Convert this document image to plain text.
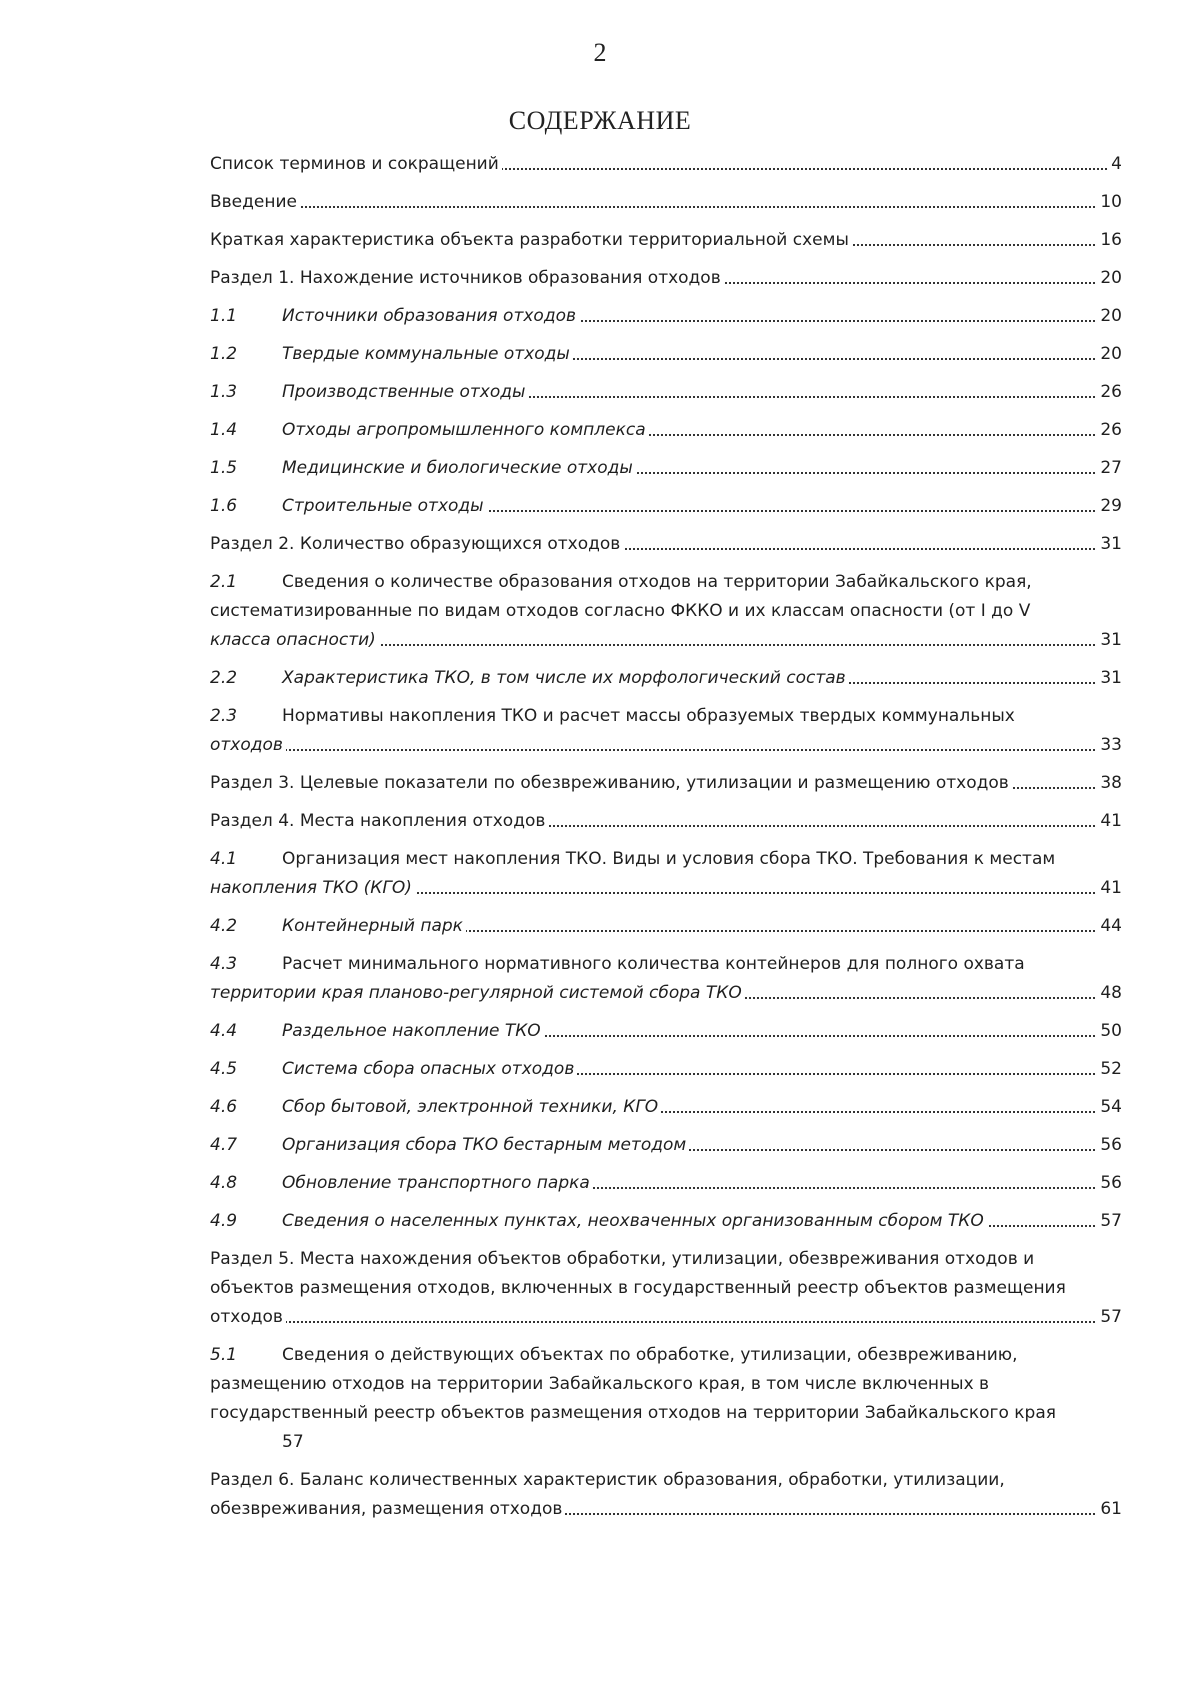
2
СОДЕРЖАНИЕ
Список терминов и сокращений	4
Введение	10
Краткая характеристика объекта разработки территориальной схемы	16
Раздел 1. Нахождение источников образования отходов	20
1.1	Источники образования отходов	20
1.2	Твердые коммунальные отходы	20
1.3	Производственные отходы	26
1.4	Отходы агропромышленного комплекса	26
1.5	Медицинские и биологические отходы	27
1.6	Строительные отходы	29
Раздел 2. Количество образующихся отходов	31
2.1	Сведения о количестве образования отходов на территории Забайкальского края,
систематизированные по видам отходов согласно ФККО и их классам опасности (от I до V
класса опасности)	31
2.2	Характеристика ТКО, в том числе их морфологический состав	31
2.3	Нормативы накопления ТКО и расчет массы образуемых твердых коммунальных
отходов	33
Раздел 3. Целевые показатели по обезвреживанию, утилизации и размещению отходов	38
Раздел 4. Места накопления отходов	41
4.1	Организация мест накопления ТКО. Виды и условия сбора ТКО. Требования к местам
накопления ТКО (КГО)	41
4.2	Контейнерный парк	44
4.3	Расчет минимального нормативного количества контейнеров для полного охвата
территории края планово-регулярной системой сбора ТКО	48
4.4	Раздельное накопление ТКО	50
4.5	Система сбора опасных отходов	52
4.6	Сбор бытовой, электронной техники, КГО	54
4.7	Организация сбора ТКО бестарным методом	56
4.8	Обновление транспортного парка	56
4.9	Сведения о населенных пунктах, неохваченных организованным сбором ТКО	57
Раздел 5. Места нахождения объектов обработки, утилизации, обезвреживания отходов и
объектов размещения отходов, включенных в государственный реестр объектов размещения
отходов	57
5.1	Сведения о действующих объектах по обработке, утилизации, обезвреживанию,
размещению отходов на территории Забайкальского края, в том числе включенных в
государственный реестр объектов размещения отходов на территории Забайкальского края
57
Раздел 6. Баланс количественных характеристик образования, обработки, утилизации,
обезвреживания, размещения отходов	61
